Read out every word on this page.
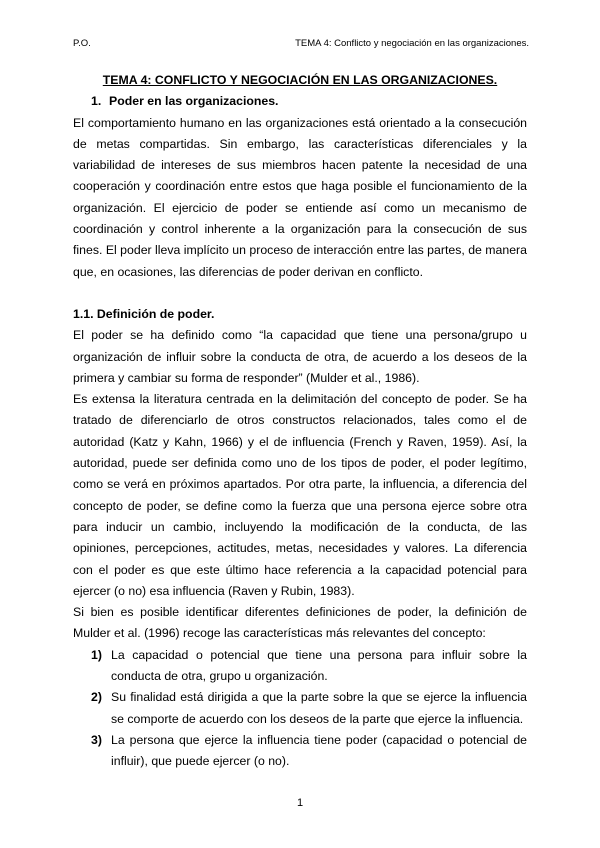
P.O.	TEMA 4: Conflicto y negociación en las organizaciones.

TEMA 4: CONFLICTO Y NEGOCIACIÓN EN LAS ORGANIZACIONES.

1. Poder en las organizaciones.

El comportamiento humano en las organizaciones está orientado a la consecución de metas compartidas. Sin embargo, las características diferenciales y la variabilidad de intereses de sus miembros hacen patente la necesidad de una cooperación y coordinación entre estos que haga posible el funcionamiento de la organización. El ejercicio de poder se entiende así como un mecanismo de coordinación y control inherente a la organización para la consecución de sus fines. El poder lleva implícito un proceso de interacción entre las partes, de manera que, en ocasiones, las diferencias de poder derivan en conflicto.

1.1. Definición de poder.

El poder se ha definido como “la capacidad que tiene una persona/grupo u organización de influir sobre la conducta de otra, de acuerdo a los deseos de la primera y cambiar su forma de responder” (Mulder et al., 1986).

Es extensa la literatura centrada en la delimitación del concepto de poder. Se ha tratado de diferenciarlo de otros constructos relacionados, tales como el de autoridad (Katz y Kahn, 1966) y el de influencia (French y Raven, 1959). Así, la autoridad, puede ser definida como uno de los tipos de poder, el poder legítimo, como se verá en próximos apartados. Por otra parte, la influencia, a diferencia del concepto de poder, se define como la fuerza que una persona ejerce sobre otra para inducir un cambio, incluyendo la modificación de la conducta, de las opiniones, percepciones, actitudes, metas, necesidades y valores. La diferencia con el poder es que este último hace referencia a la capacidad potencial para ejercer (o no) esa influencia (Raven y Rubin, 1983).

Si bien es posible identificar diferentes definiciones de poder, la definición de Mulder et al. (1996) recoge las características más relevantes del concepto:

1) La capacidad o potencial que tiene una persona para influir sobre la conducta de otra, grupo u organización.
2) Su finalidad está dirigida a que la parte sobre la que se ejerce la influencia se comporte de acuerdo con los deseos de la parte que ejerce la influencia.
3) La persona que ejerce la influencia tiene poder (capacidad o potencial de influir), que puede ejercer (o no).
1
